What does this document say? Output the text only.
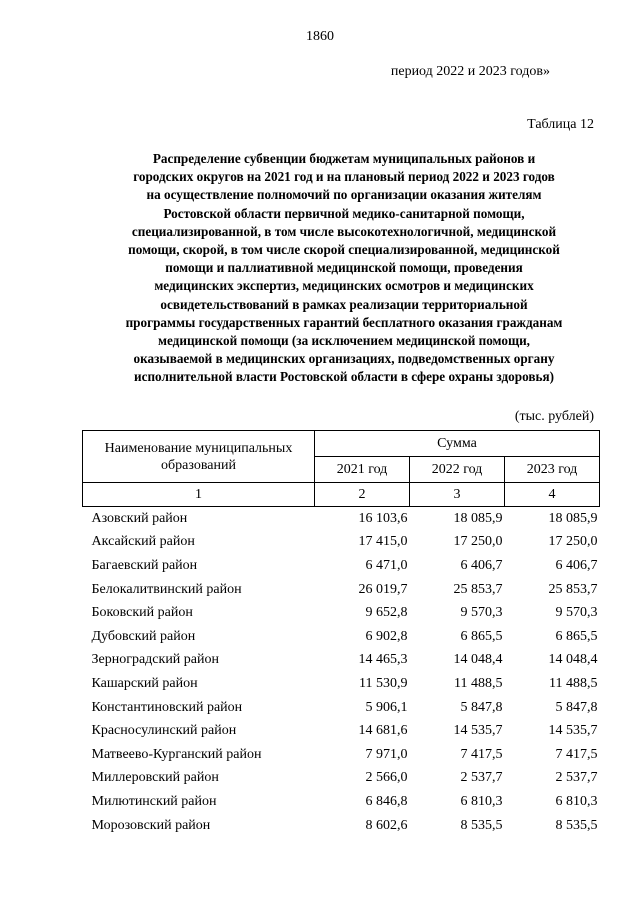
1860
период 2022 и 2023 годов»
Таблица 12
Распределение субвенции бюджетам муниципальных районов и
городских округов на 2021 год и на плановый период 2022 и 2023 годов
на осуществление полномочий по организации оказания жителям
Ростовской области первичной медико-санитарной помощи,
специализированной, в том числе высокотехнологичной, медицинской
помощи, скорой, в том числе скорой специализированной, медицинской
помощи и паллиативной медицинской помощи, проведения
медицинских экспертиз, медицинских осмотров и медицинских
освидетельствований в рамках реализации территориальной
программы государственных гарантий бесплатного оказания гражданам
медицинской помощи (за исключением медицинской помощи,
оказываемой в медицинских организациях, подведомственных органу
исполнительной власти Ростовской области в сфере охраны здоровья)
(тыс. рублей)
Наименование муниципальных образований	Сумма		
	2021 год	2022 год	2023 год
1	2	3	4
Азовский район	16 103,6	18 085,9	18 085,9
Аксайский район	17 415,0	17 250,0	17 250,0
Багаевский район	6 471,0	6 406,7	6 406,7
Белокалитвинский район	26 019,7	25 853,7	25 853,7
Боковский район	9 652,8	9 570,3	9 570,3
Дубовский район	6 902,8	6 865,5	6 865,5
Зерноградский район	14 465,3	14 048,4	14 048,4
Кашарский район	11 530,9	11 488,5	11 488,5
Константиновский район	5 906,1	5 847,8	5 847,8
Красносулинский район	14 681,6	14 535,7	14 535,7
Матвеево-Курганский район	7 971,0	7 417,5	7 417,5
Миллеровский район	2 566,0	2 537,7	2 537,7
Милютинский район	6 846,8	6 810,3	6 810,3
Морозовский район	8 602,6	8 535,5	8 535,5
